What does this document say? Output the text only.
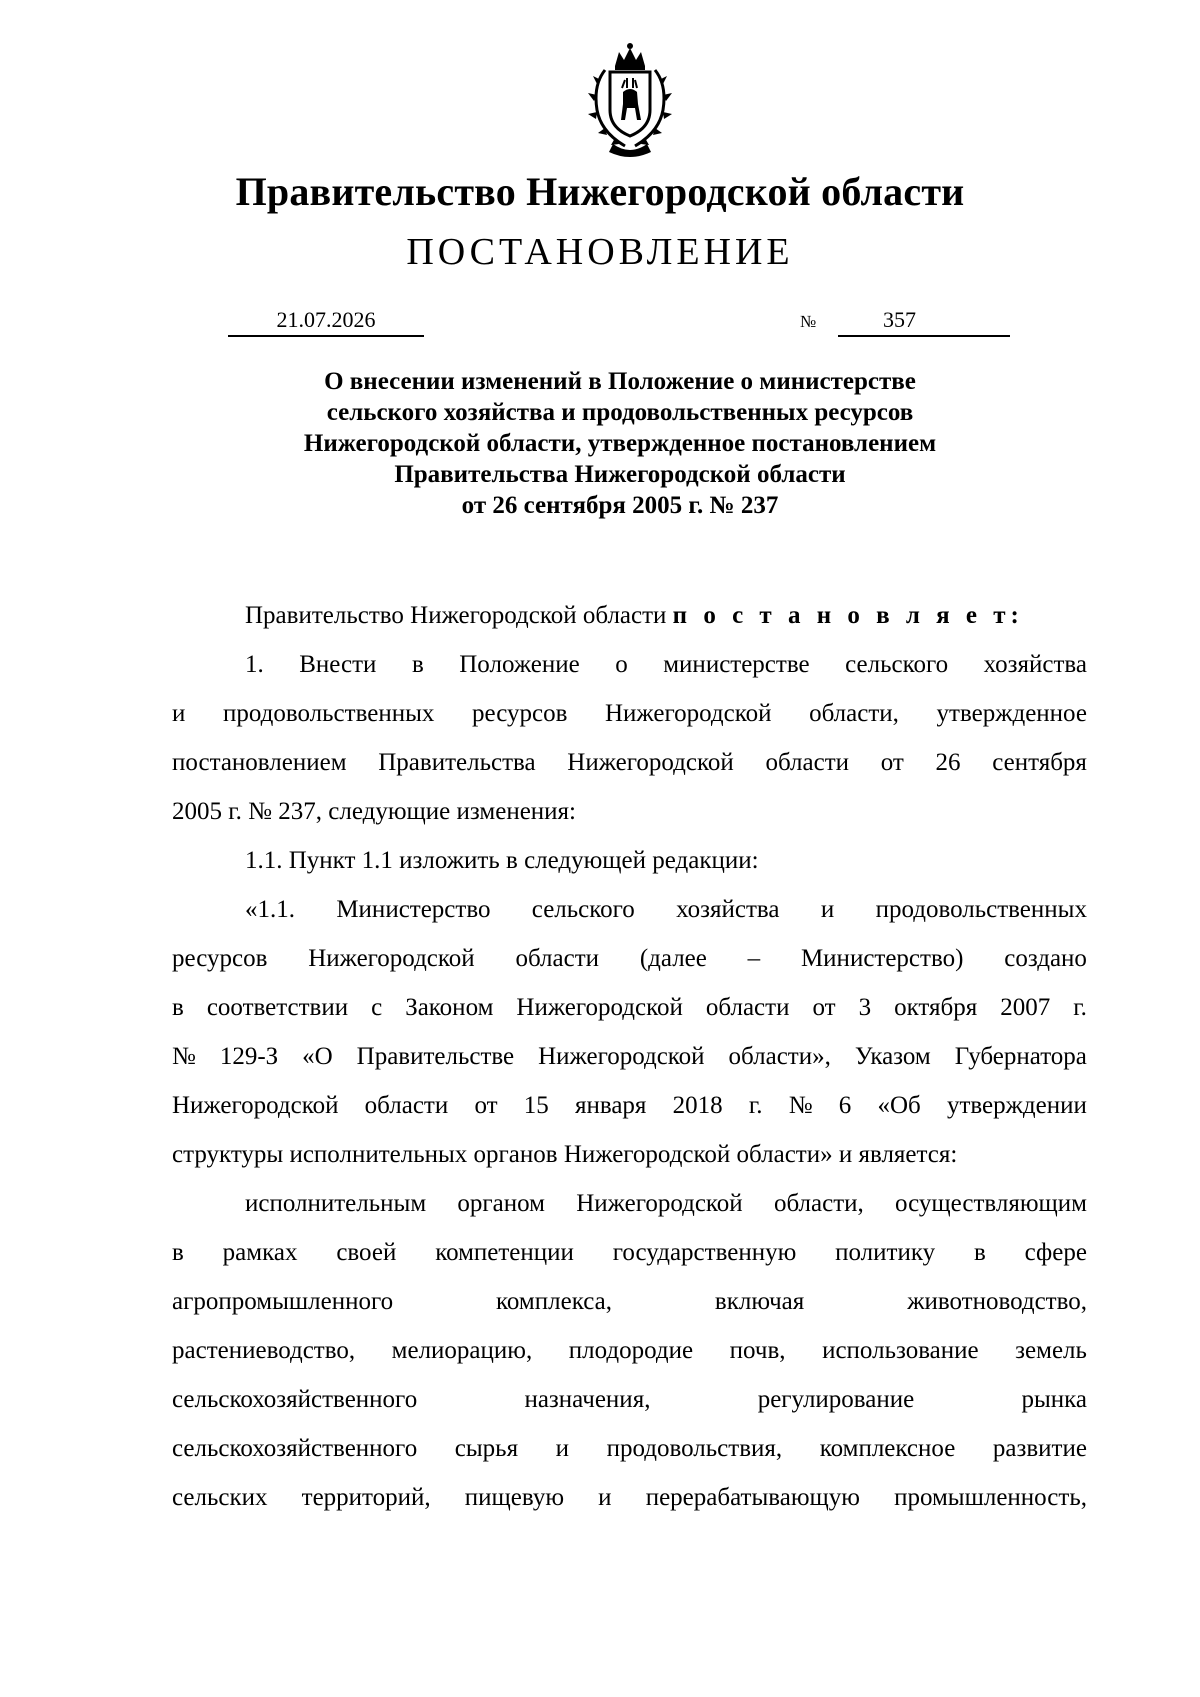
Правительство Нижегородской области
ПОСТАНОВЛЕНИЕ
21.07.2026	№	357
О внесении изменений в Положение о министерстве
сельского хозяйства и продовольственных ресурсов
Нижегородской области, утвержденное постановлением
Правительства Нижегородской области
от 26 сентября 2005 г. № 237
Правительство Нижегородской области
п о с т а н о в л я е т:
1. Внести в Положение о министерстве сельского хозяйства
и продовольственных ресурсов Нижегородской области, утвержденное
постановлением Правительства Нижегородской области от 26 сентября
2005 г. № 237, следующие изменения:
1.1. Пункт 1.1 изложить в следующей редакции:
«1.1. Министерство сельского хозяйства и продовольственных
ресурсов Нижегородской области (далее – Министерство) создано
в соответствии с Законом Нижегородской области от 3 октября 2007 г.
№ 129-З «О Правительстве Нижегородской области», Указом Губернатора
Нижегородской области от 15 января 2018 г. № 6 «Об утверждении
структуры исполнительных органов Нижегородской области» и является:
исполнительным органом Нижегородской области, осуществляющим
в рамках своей компетенции государственную политику в сфере
агропромышленного	комплекса,	включая	животноводство,
растениеводство, мелиорацию, плодородие почв, использование земель
сельскохозяйственного	назначения,	регулирование	рынка
сельскохозяйственного сырья и продовольствия, комплексное развитие
сельских территорий, пищевую и перерабатывающую промышленность,
